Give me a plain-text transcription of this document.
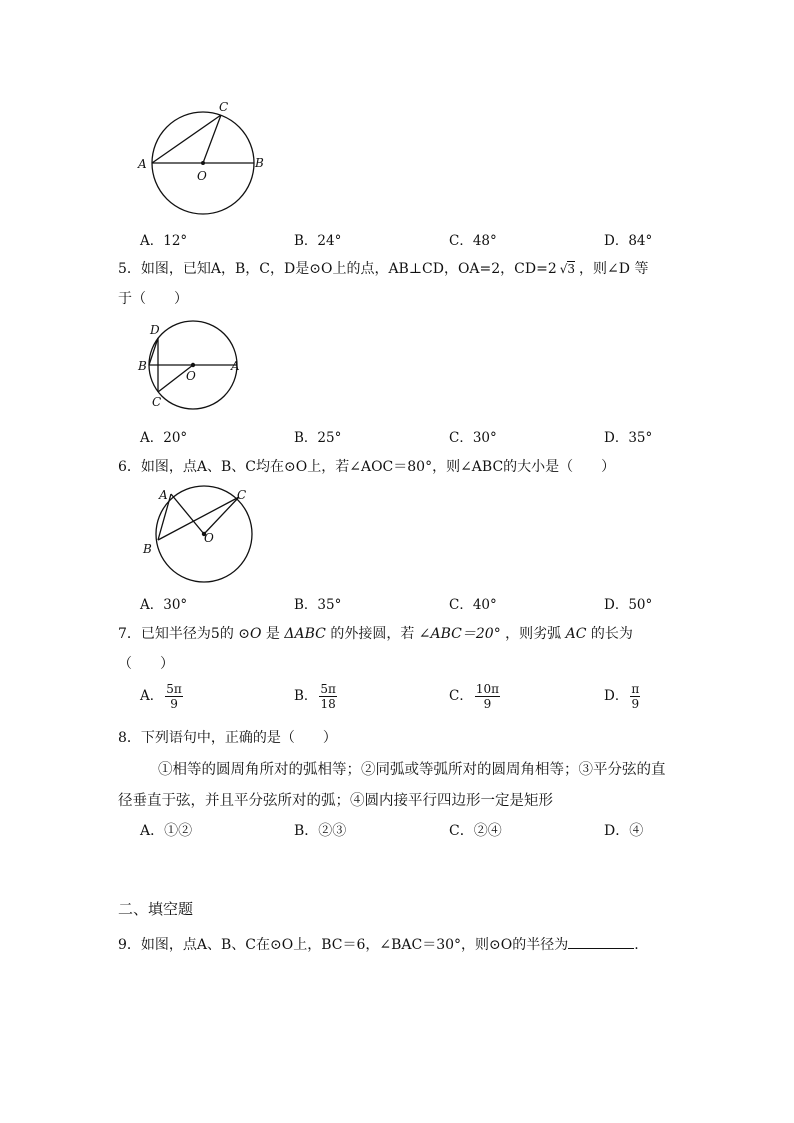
C
A
O
B
A．12°	B．24°	C．48°	D．84°
5．如图，已知A，B，C，D是⊙O上的点，AB⊥CD，OA=2，CD=2 √3 ，则∠D 等
于（　　）
D
B
O
A
C
A．20°	B．25°	C．30°	D．35°
6．如图，点A、B、C均在⊙O上，若∠AOC＝80°，则∠ABC的大小是（　　）
A	C
B
O
A．30°	B．35°	C．40°	D．50°
7．已知半径为5的 ⊙O 是 ΔABC 的外接圆，若 ∠ABC＝20° ，则劣弧 AC 的长为
（　　）
A． $\frac{5\pi}{9}$	B． $\frac{5\pi}{18}$	C． $\frac{10\pi}{9}$	D． $\frac{\pi}{9}$
8．下列语句中，正确的是（　　）
①相等的圆周角所对的弧相等；②同弧或等弧所对的圆周角相等；③平分弦的直
径垂直于弦，并且平分弦所对的弧；④圆内接平行四边形一定是矩形
A．①②	B．②③	C．②④	D．④
二、填空题
9．如图，点A、B、C在⊙O上，BC＝6，∠BAC＝30°，则⊙O的半径为	.
